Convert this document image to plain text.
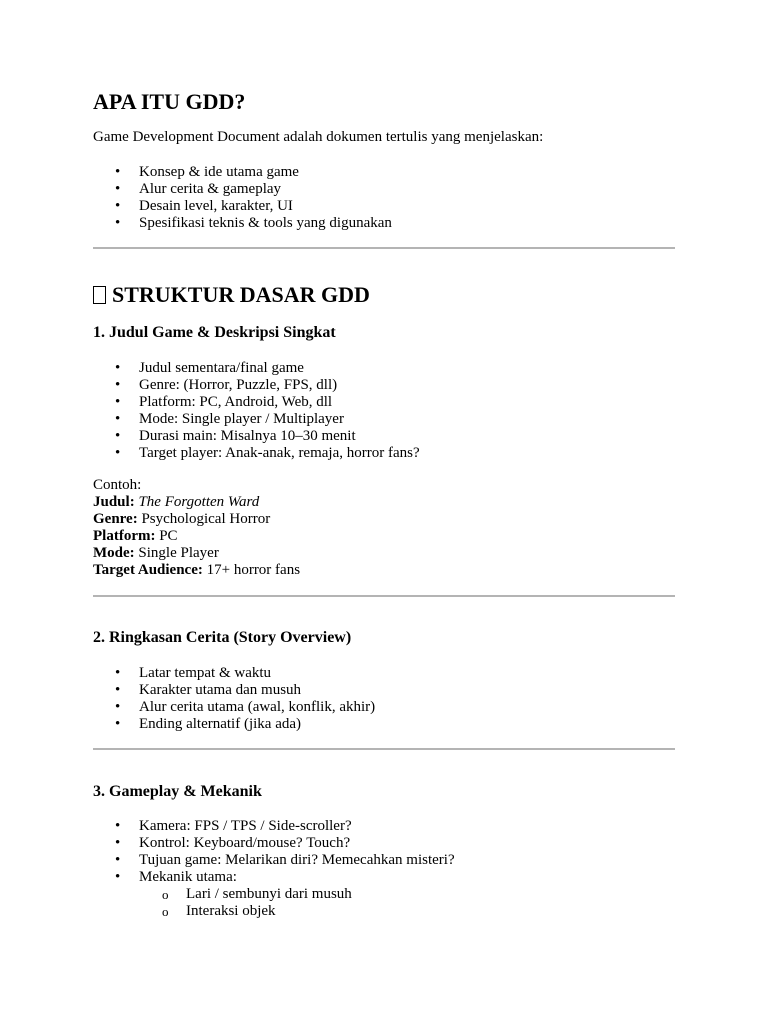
APA ITU GDD?

Game Development Document adalah dokumen tertulis yang menjelaskan:

• Konsep & ide utama game
• Alur cerita & gameplay
• Desain level, karakter, UI
• Spesifikasi teknis & tools yang digunakan
STRUKTUR DASAR GDD
1. Judul Game & Deskripsi Singkat
• Judul sementara/final game
• Genre: (Horror, Puzzle, FPS, dll)
• Platform: PC, Android, Web, dll
• Mode: Single player / Multiplayer
• Durasi main: Misalnya 10–30 menit
• Target player: Anak-anak, remaja, horror fans?
Contoh:
Judul: The Forgotten Ward
Genre: Psychological Horror
Platform: PC
Mode: Single Player
Target Audience: 17+ horror fans
2. Ringkasan Cerita (Story Overview)
• Latar tempat & waktu
• Karakter utama dan musuh
• Alur cerita utama (awal, konflik, akhir)
• Ending alternatif (jika ada)
3. Gameplay & Mekanik
• Kamera: FPS / TPS / Side-scroller?
• Kontrol: Keyboard/mouse? Touch?
• Tujuan game: Melarikan diri? Memecahkan misteri?
• Mekanik utama:
o Lari / sembunyi dari musuh
o Interaksi objek
